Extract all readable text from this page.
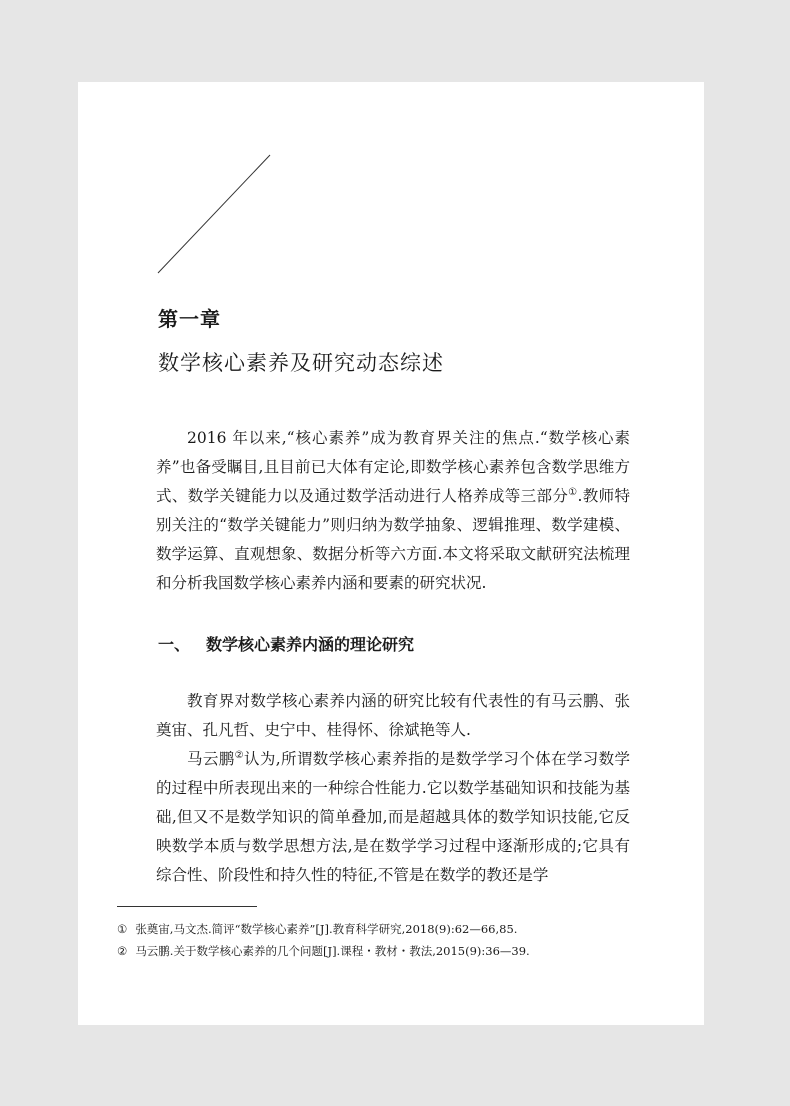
第一章
数学核心素养及研究动态综述

2016 年以来,“核心素养”成为教育界关注的焦点.“数学核心素养”也备受瞩目,且目前已大体有定论,即数学核心素养包含数学思维方式、数学关键能力以及通过数学活动进行人格养成等三部分①.教师特别关注的“数学关键能力”则归纳为数学抽象、逻辑推理、数学建模、数学运算、直观想象、数据分析等六方面.本文将采取文献研究法梳理和分析我国数学核心素养内涵和要素的研究状况.

一、 数学核心素养内涵的理论研究

教育界对数学核心素养内涵的研究比较有代表性的有马云鹏、张奠宙、孔凡哲、史宁中、桂得怀、徐斌艳等人.

马云鹏②认为,所谓数学核心素养指的是数学学习个体在学习数学的过程中所表现出来的一种综合性能力.它以数学基础知识和技能为基础,但又不是数学知识的简单叠加,而是超越具体的数学知识技能,它反映数学本质与数学思想方法,是在数学学习过程中逐渐形成的;它具有综合性、阶段性和持久性的特征,不管是在数学的教还是学

① 张奠宙,马文杰.简评“数学核心素养”[J].教育科学研究,2018(9):62—66,85.
② 马云鹏.关于数学核心素养的几个问题[J].课程・教材・教法,2015(9):36—39.
